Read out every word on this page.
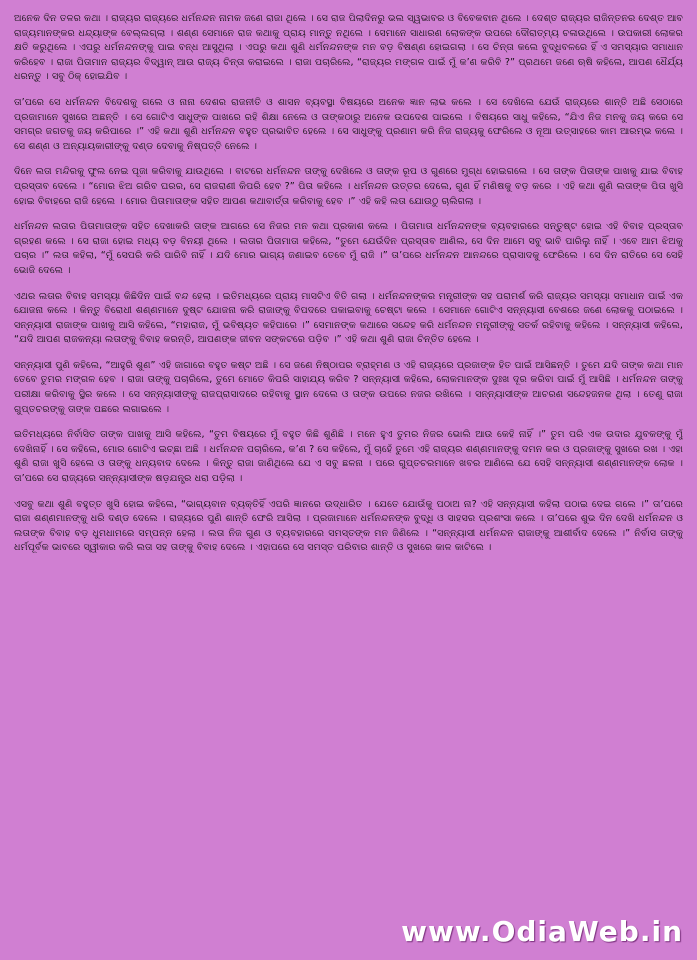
ଅନେକ ଦିନ ତଳର କଥା । ରାଜ୍ୟର ରାଜ୍ୟରେ ଧର୍ମନନ୍ଦନ ନାମକ ଜଣେ ରାଜା ଥିଲେ । ସେ ରାଜ ପିଲାଦିନରୁ ଭଲ ସ୍ୱଭାବର ଓ ବିବେକବାନ ଥିଲେ । ଦେଶ୍ତ ରାଜ୍ୟର ରାଜିନ୍ତନର ଦେଶ୍ତ ଆବ ରାଜ୍ୟମାନଙ୍କର ଧନ୍ଦ୍ୟାଙ୍କ ବେଲ୍ଲଗ୍ଲା । ଶଣ୍ଣ ସେମାନେ ରାଜ କଥାକୁ ପ୍ରାୟ ମାନ୍ତୁ ନଥିଲେ । ସେମାନେ ସାଧାରଣ ଲୋକଙ୍କ ଉପରେ ଦୌରାତ୍ମ୍ୟ ଚଳାଉଥିଲେ । ଉପକାରୀ ଲୋକର କ୍ଷତି କରୁଥିଲେ । ଏପରୁ ଧର୍ମନନ୍ଦନଙ୍କୁ ପାଇ ବନ୍ଧ ଆସୁଥିଲା । ଏପରୁ କଥା ଶୁଣି ଧର୍ମନନ୍ଦନଙ୍କ ମନ ବଡ଼ ବିଷଣ୍ଣ ହୋଇଗଲା । ସେ ଚିନ୍ତା କଲେ ବୁଦ୍ଧିବଳରେ ହିଁ ଏ ସମସ୍ୟାର ସମାଧାନ କରିହେବ । ରାଜା ପିତାମାନ ରାଜ୍ୟର ବିଦ୍ୱାନ୍ ଆଉ ରାଜ୍ୟ ଚିନ୍ତା କରାଇଲେ । ରାଜା ପଚାରିଲେ, “ରାଜ୍ୟର ମଙ୍ଗଳ ପାଇଁ ମୁଁ କ’ଣ କରିବି ?” ପ୍ରଥମେ ଜଣେ ଋଷି କହିଲେ, ଆପଣ ଧୈର୍ଯ୍ୟ ଧରନ୍ତୁ । ସବୁ ଠିକ୍ ହୋଇଯିବ ।

ତା’ପରେ ସେ ଧର୍ମନନ୍ଦନ ବିଦେଶକୁ ଗଲେ ଓ ନାନା ଦେଶର ରାଜନୀତି ଓ ଶାସନ ବ୍ୟବସ୍ଥା ବିଷୟରେ ଅନେକ ଜ୍ଞାନ ଲାଭ କଲେ । ସେ ଦେଖିଲେ ଯେଉଁ ରାଜ୍ୟରେ ଶାନ୍ତି ଅଛି ସେଠାରେ ପ୍ରଜାମାନେ ସୁଖରେ ଅଛନ୍ତି । ସେ ଗୋଟିଏ ସାଧୁଙ୍କ ପାଖରେ ରହି ଶିକ୍ଷା ନେଲେ ଓ ତାଙ୍କଠାରୁ ଅନେକ ଉପଦେଶ ପାଇଲେ । ବିଷୟରେ ସାଧୁ କହିଲେ, “ଯିଏ ନିଜ ମନକୁ ଜୟ କରେ ସେ ସମଗ୍ର ଜଗତକୁ ଜୟ କରିପାରେ ।” ଏହି କଥା ଶୁଣି ଧର୍ମନନ୍ଦନ ବହୁତ ପ୍ରଭାବିତ ହେଲେ । ସେ ସାଧୁଙ୍କୁ ପ୍ରଣାମ କରି ନିଜ ରାଜ୍ୟକୁ ଫେରିଲେ ଓ ନୂଆ ଉତ୍ସାହରେ କାମ ଆରମ୍ଭ କଲେ । ସେ ଶଣ୍ଣ ଓ ଅନ୍ୟାୟକାରୀଙ୍କୁ ଦଣ୍ଡ ଦେବାକୁ ନିଷ୍ପତ୍ତି ନେଲେ ।

ଦିନେ ଲତା ମନ୍ଦିରକୁ ଫୁଲ ନେଇ ପୂଜା କରିବାକୁ ଯାଉଥିଲେ । ବାଟରେ ଧର୍ମନନ୍ଦନ ତାଙ୍କୁ ଦେଖିଲେ ଓ ତାଙ୍କ ରୂପ ଓ ଗୁଣରେ ମୁଗ୍ଧ ହୋଇଗଲେ । ସେ ତାଙ୍କ ପିତାଙ୍କ ପାଖକୁ ଯାଇ ବିବାହ ପ୍ରସ୍ତାବ ଦେଲେ । “ମୋର ଝିଅ ଗରିବ ଘରର, ସେ ରାଜରାଣୀ କିପରି ହେବ ?” ପିତା କହିଲେ । ଧର୍ମନନ୍ଦନ ଉତ୍ତର ଦେଲେ, ଗୁଣ ହିଁ ମଣିଷକୁ ବଡ଼ କରେ । ଏହି କଥା ଶୁଣି ଲତାଙ୍କ ପିତା ଖୁସି ହୋଇ ବିବାହରେ ରାଜି ହେଲେ । ମୋର ପିତାମାତାଙ୍କ ସହିତ ଆପଣ କଥାବାର୍ତ୍ତା କରିବାକୁ ହେବ ।” ଏହି କହି ଲତା ଯୋଉଠୁ ଚାଲିଗଲା ।

ଧର୍ମନନ୍ଦନ ଲତାର ପିତାମାତାଙ୍କ ସହିତ ଦେଖାକରି ତାଙ୍କ ଆଗରେ ସେ ନିଜର ମନ କଥା ପ୍ରକାଶ କଲେ । ପିତାମାତା ଧର୍ମନନ୍ଦନଙ୍କ ବ୍ୟବହାରରେ ସନ୍ତୁଷ୍ଟ ହୋଇ ଏହି ବିବାହ ପ୍ରସ୍ତାବ ଗ୍ରହଣ କଲେ । ସେ ରାଜା ହୋଇ ମଧ୍ୟ ବଡ଼ ବିନୟୀ ଥିଲେ । ଲତାର ପିତାମାତା କହିଲେ, “ତୁମେ ଯେଉଁଦିନ ପ୍ରସ୍ତାବ ଆଣିଲ, ସେ ଦିନ ଆମେ ସବୁ ଭାବି ପାରିଲୁ ନାହିଁ । ଏବେ ଆମ ଝିଅକୁ ପଚାର ।” ଲତା କହିଲା, “ମୁଁ ସେପରି କରି ପାରିବି ନାହିଁ । ଯଦି ମୋର ଭାଗ୍ୟ ଜଣାଇବ ତେବେ ମୁଁ ରାଜି ।” ତା’ପରେ ଧର୍ମନନ୍ଦନ ଆନନ୍ଦରେ ପ୍ରାସାଦକୁ ଫେରିଲେ । ସେ ଦିନ ରାତିରେ ସେ ସେହି ଭୋଜି ଦେଲେ ।

ଏଥର ଲତାର ବିବାହ ସମସ୍ୟା କିଛିଦିନ ପାଇଁ ବନ୍ଦ ହେଲା । ଇତିମଧ୍ୟରେ ପ୍ରାୟ ମାସଟିଏ ବିତି ଗଲା । ଧର୍ମନନ୍ଦନଙ୍କର ମନ୍ତ୍ରୀଙ୍କ ସହ ପରାମର୍ଶ କରି ରାଜ୍ୟର ସମସ୍ୟା ସମାଧାନ ପାଇଁ ଏକ ଯୋଜନା କଲେ । କିନ୍ତୁ ବିରୋଧୀ ଶଣ୍ଣମାନେ ଦୁଷ୍ଟ ଯୋଜନା କରି ରାଜାଙ୍କୁ ବିପଦରେ ପକାଇବାକୁ ଚେଷ୍ଟା କଲେ । ସେମାନେ ଗୋଟିଏ ସନ୍ନ୍ୟାସୀ ବେଶରେ ଜଣେ ଲୋକକୁ ପଠାଇଲେ । ସନ୍ନ୍ୟାସୀ ରାଜାଙ୍କ ପାଖକୁ ଆସି କହିଲେ, “ମହାରାଜ, ମୁଁ ଭବିଷ୍ୟତ କହିପାରେ ।” ସେମାନଙ୍କ କଥାରେ ସନ୍ଦେହ କରି ଧର୍ମନନ୍ଦନ ମନ୍ତ୍ରୀଙ୍କୁ ସତର୍କ ରହିବାକୁ କହିଲେ । ସନ୍ନ୍ୟାସୀ କହିଲେ, “ଯଦି ଆପଣ ରାଜକନ୍ୟା ଲତାଙ୍କୁ ବିବାହ କରନ୍ତି, ଆପଣଙ୍କ ଜୀବନ ସଙ୍କଟରେ ପଡ଼ିବ ।” ଏହି କଥା ଶୁଣି ରାଜା ଚିନ୍ତିତ ହେଲେ ।

ସନ୍ନ୍ୟାସୀ ପୁଣି କହିଲେ, “ଆହୁରି ଶୁଣ” ଏହି ଜାଗାରେ ବହୁତ କଷ୍ଟ ଅଛି । ସେ ଜଣେ ନିଷ୍ଠାପର ବ୍ରାହ୍ମଣ ଓ ଏହି ରାଜ୍ୟରେ ପ୍ରଜାଙ୍କ ହିତ ପାଇଁ ଆସିଛନ୍ତି । ତୁମେ ଯଦି ତାଙ୍କ କଥା ମାନ ତେବେ ତୁମର ମଙ୍ଗଳ ହେବ । ରାଜା ତାଙ୍କୁ ପଚାରିଲେ, ତୁମେ ମୋତେ କିପରି ସାହାଯ୍ୟ କରିବ ? ସନ୍ନ୍ୟାସୀ କହିଲେ, ଲୋକମାନଙ୍କ ଦୁଃଖ ଦୂର କରିବା ପାଇଁ ମୁଁ ଆସିଛି । ଧର୍ମନନ୍ଦନ ତାଙ୍କୁ ପରୀକ୍ଷା କରିବାକୁ ସ୍ଥିର କଲେ । ସେ ସନ୍ନ୍ୟାସୀଙ୍କୁ ରାଜପ୍ରାସାଦରେ ରହିବାକୁ ସ୍ଥାନ ଦେଲେ ଓ ତାଙ୍କ ଉପରେ ନଜର ରଖିଲେ । ସନ୍ନ୍ୟାସୀଙ୍କ ଆଚରଣ ସନ୍ଦେହଜନକ ଥିଲା । ତେଣୁ ରାଜା ଗୁପ୍ତଚରଙ୍କୁ ତାଙ୍କ ପଛରେ ଲଗାଇଲେ ।

ଇତିମଧ୍ୟରେ ନିର୍ବାସିତ ତାଙ୍କ ପାଖକୁ ଆସି କହିଲେ, “ତୁମ ବିଷୟରେ ମୁଁ ବହୁତ କିଛି ଶୁଣିଛି । ମନେ ହୁଏ ତୁମର ନିଜର ଭୋଲି ଆଉ କେହି ନାହିଁ ।” ତୁମ ପରି ଏକ ଉଦାର ଯୁବକଙ୍କୁ ମୁଁ ଦେଖିନାହିଁ । ସେ କହିଲେ, ମୋର ଗୋଟିଏ ଇଚ୍ଛା ଅଛି । ଧର୍ମନନ୍ଦନ ପଚାରିଲେ, କ’ଣ ? ସେ କହିଲେ, ମୁଁ ଚାହେଁ ତୁମେ ଏହି ରାଜ୍ୟର ଶଣ୍ଣମାନଙ୍କୁ ଦମନ କର ଓ ପ୍ରଜାଙ୍କୁ ସୁଖରେ ରଖ । ଏହା ଶୁଣି ରାଜା ଖୁସି ହେଲେ ଓ ତାଙ୍କୁ ଧନ୍ୟବାଦ ଦେଲେ । କିନ୍ତୁ ରାଜା ଜାଣିଥିଲେ ଯେ ଏ ସବୁ ଛଳନା । ପରେ ଗୁପ୍ତଚରମାନେ ଖବର ଆଣିଲେ ଯେ ସେହି ସନ୍ନ୍ୟାସୀ ଶଣ୍ଣମାନଙ୍କ ଲୋକ । ତା’ପରେ ସେ ରାଜ୍ୟରେ ସନ୍ନ୍ୟାସୀଙ୍କ ଷଡ଼ଯନ୍ତ୍ର ଧରା ପଡ଼ିଲା ।

ଏସବୁ କଥା ଶୁଣି ବହୁତ୍ତ ଖୁସି ହୋଇ କହିଲେ, “ଭାଗ୍ୟବାନ ବ୍ୟକ୍ତିହିଁ ଏପରି ଜ୍ଞାନରେ ଉଦ୍ଧାରିତ । ଯେତେ ଯୋଉଁକୁ ପଠାଅ ନା? ଏହି ସନ୍ନ୍ୟାସୀ କହିଲା ପଠାଇ ଦେଇ ଗଲେ ।” ତା’ପରେ ରାଜା ଶଣ୍ଣମାନଙ୍କୁ ଧରି ଦଣ୍ଡ ଦେଲେ । ରାଜ୍ୟରେ ପୁଣି ଶାନ୍ତି ଫେରି ଆସିଲା । ପ୍ରଜାମାନେ ଧର୍ମନନ୍ଦନଙ୍କ ବୁଦ୍ଧି ଓ ସାହସର ପ୍ରଶଂସା କଲେ । ତା’ପରେ ଶୁଭ ଦିନ ଦେଖି ଧର୍ମନନ୍ଦନ ଓ ଲତାଙ୍କ ବିବାହ ବଡ଼ ଧୁମଧାମରେ ସମ୍ପନ୍ନ ହେଲା । ଲତା ନିଜ ଗୁଣ ଓ ବ୍ୟବହାରରେ ସମସ୍ତଙ୍କ ମନ ଜିଣିଲେ । “ସନ୍ନ୍ୟାସୀ ଧର୍ମନନ୍ଦନ ରାଜାଙ୍କୁ ଆଶୀର୍ବାଦ ଦେଲେ ।” ନିର୍ବାସ ତାଙ୍କୁ ଧର୍ମପୂର୍ବକ ଭାବରେ ସ୍ୱୀକାର କରି ଲତା ସହ ତାଙ୍କୁ ବିବାହ ଦେଲେ । ଏହାପରେ ସେ ସମସ୍ତ ପରିବାର ଶାନ୍ତି ଓ ସୁଖରେ କାଳ କାଟିଲେ ।

www.OdiaWeb.in
